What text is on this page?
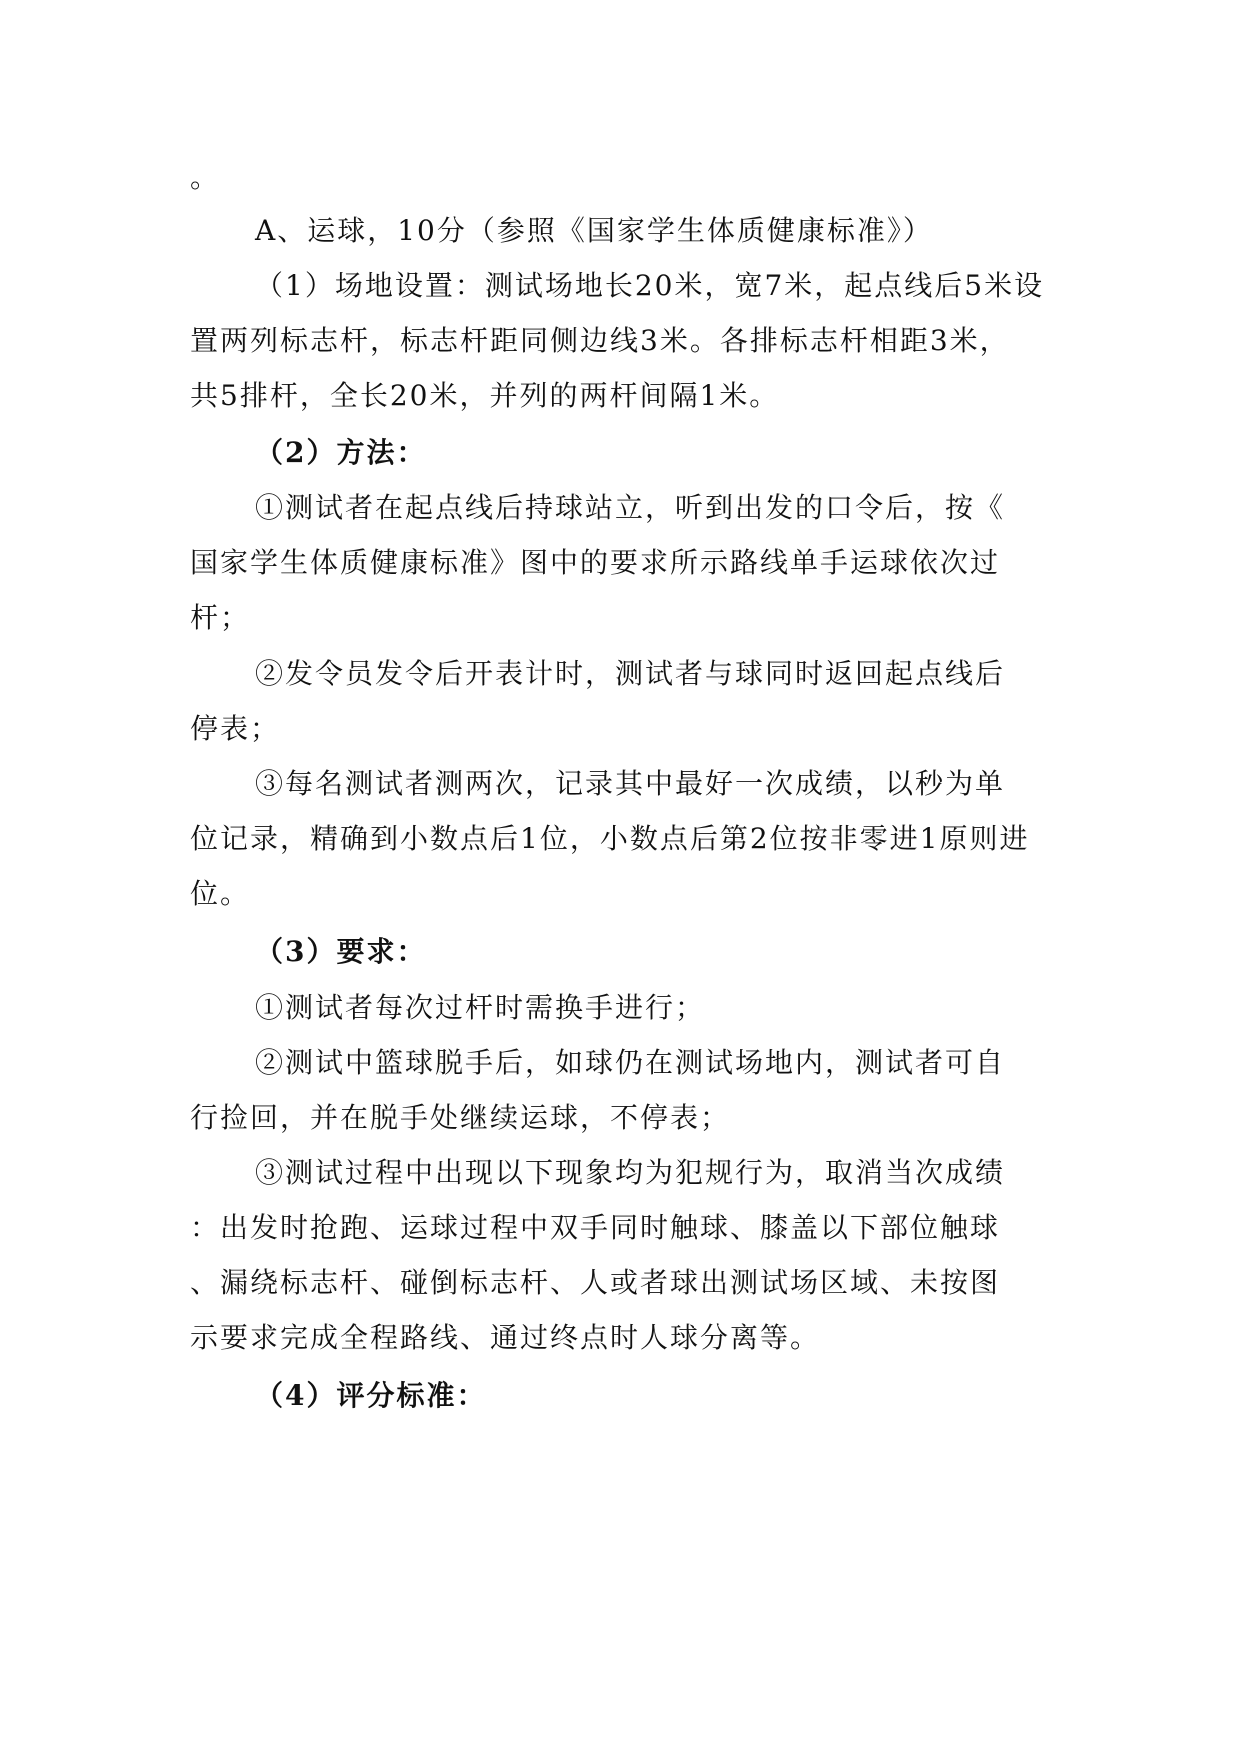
。

A、运球，10分（参照《国家学生体质健康标准》）

（1）场地设置：测试场地长20米，宽7米，起点线后5米设

置两列标志杆，标志杆距同侧边线3米。各排标志杆相距3米，

共5排杆，全长20米，并列的两杆间隔1米。

（2）方法：

①测试者在起点线后持球站立，听到出发的口令后，按《

国家学生体质健康标准》图中的要求所示路线单手运球依次过

杆；

②发令员发令后开表计时，测试者与球同时返回起点线后

停表；

③每名测试者测两次，记录其中最好一次成绩，以秒为单

位记录，精确到小数点后1位，小数点后第2位按非零进1原则进

位。

（3）要求：

①测试者每次过杆时需换手进行；

②测试中篮球脱手后，如球仍在测试场地内，测试者可自

行捡回，并在脱手处继续运球，不停表；

③测试过程中出现以下现象均为犯规行为，取消当次成绩

：出发时抢跑、运球过程中双手同时触球、膝盖以下部位触球

、漏绕标志杆、碰倒标志杆、人或者球出测试场区域、未按图

示要求完成全程路线、通过终点时人球分离等。

（4）评分标准：
